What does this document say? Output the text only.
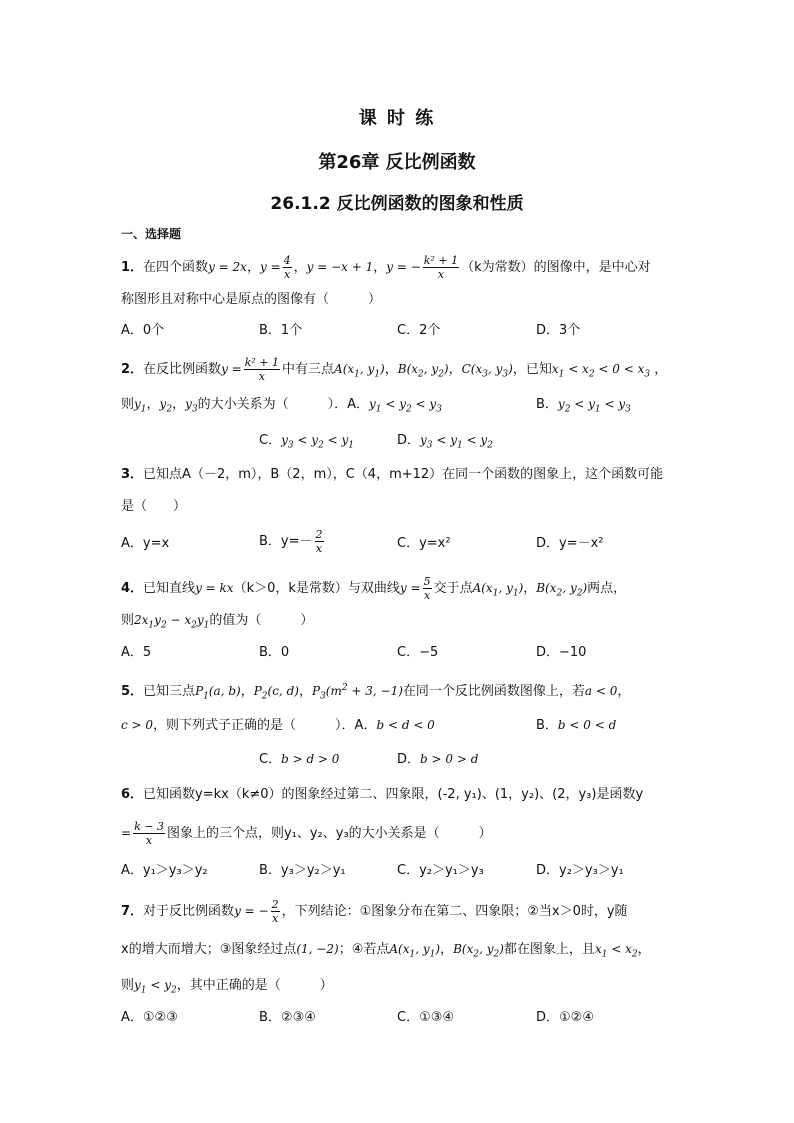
课 时 练
第26章 反比例函数
26.1.2 反比例函数的图象和性质
一、选择题
1．在四个函数y = 2x，$y = \frac{4}{x}$ ，y = −x + 1，y = − $\frac{\text{k² + 1}}{x} (k$为常数）的图像中，是中心对
称图形且对称中心是原点的图像有（　　　）
A．0个	B．1个	C．2个	D．3个
2．在反比例函数$y = \frac{\text{k² + 1}}{x}$ 中有三点$A(x_1$, $y_1$)，$B(x_2$, $y_2$)，$C(x_3$, $y_3$)，已知$x_1 < x_2 < 0 < x_3$ ，
则$y_1$，$y_2$，$y_3$的大小关系为（　　　）．A．$y_1 < y_2 < y_3$	B．$y_2 < y_1 < y_3$
C．$y_3 < y_2 < y_1$	D．$y_3 < y_1 < y_2$
3．已知点A（－2，m），B（2，m），C（4，m+12）在同一个函数的图象上，这个函数可能
是（　　）
A．y=x	B．$y=- \frac{2}{x}$	C．y=x²	D．y=－x²
4．已知直线y = kx（k＞0，k是常数）与双曲线$y = \frac{5}{x}$ 交于点$A(x_1$, $y_1$)，$B(x_2$, $y_2$)两点，
则$2x_1y_2 - x_2y_1$的值为（　　　）
A．5	B．0	C．−5	D．−10
5．已知三点$P_1(a$, b)，$P_2(c$, d)，$P_3(m^2 + 3$, −1)在同一个反比例函数图像上，若a < 0，
c > 0，则下列式子正确的是（　　　）．A．b < d < 0	B．b < 0 < d
C．b > d > 0	D．b > 0 > d
6．已知函数y=kx（k≠0）的图象经过第二、四象限，(-2, y₁)、(1，y₂)、(2，y₃)是函数y
= $\frac{k - 3}{x}$ 图象上的三个点，则y₁、y₂、y₃的大小关系是（　　　）
A．y₁＞y₃＞y₂	B．y₃＞y₂＞y₁	C．y₂＞y₁＞y₃	D．y₂＞y₃＞y₁
7．对于反比例函数y = − $\frac{2}{x}$ ，下列结论：①图象分布在第二、四象限；②当x＞0时，y随
x的增大而增大；③图象经过点(1, −2)；④若点$A(x_1$, $y_1$)，$B(x_2$, $y_2$)都在图象上，且$x_1 < x_2$，
则$y_1 < y_2$，其中正确的是（　　　）
A．①②③	B．②③④	C．①③④	D．①②④
